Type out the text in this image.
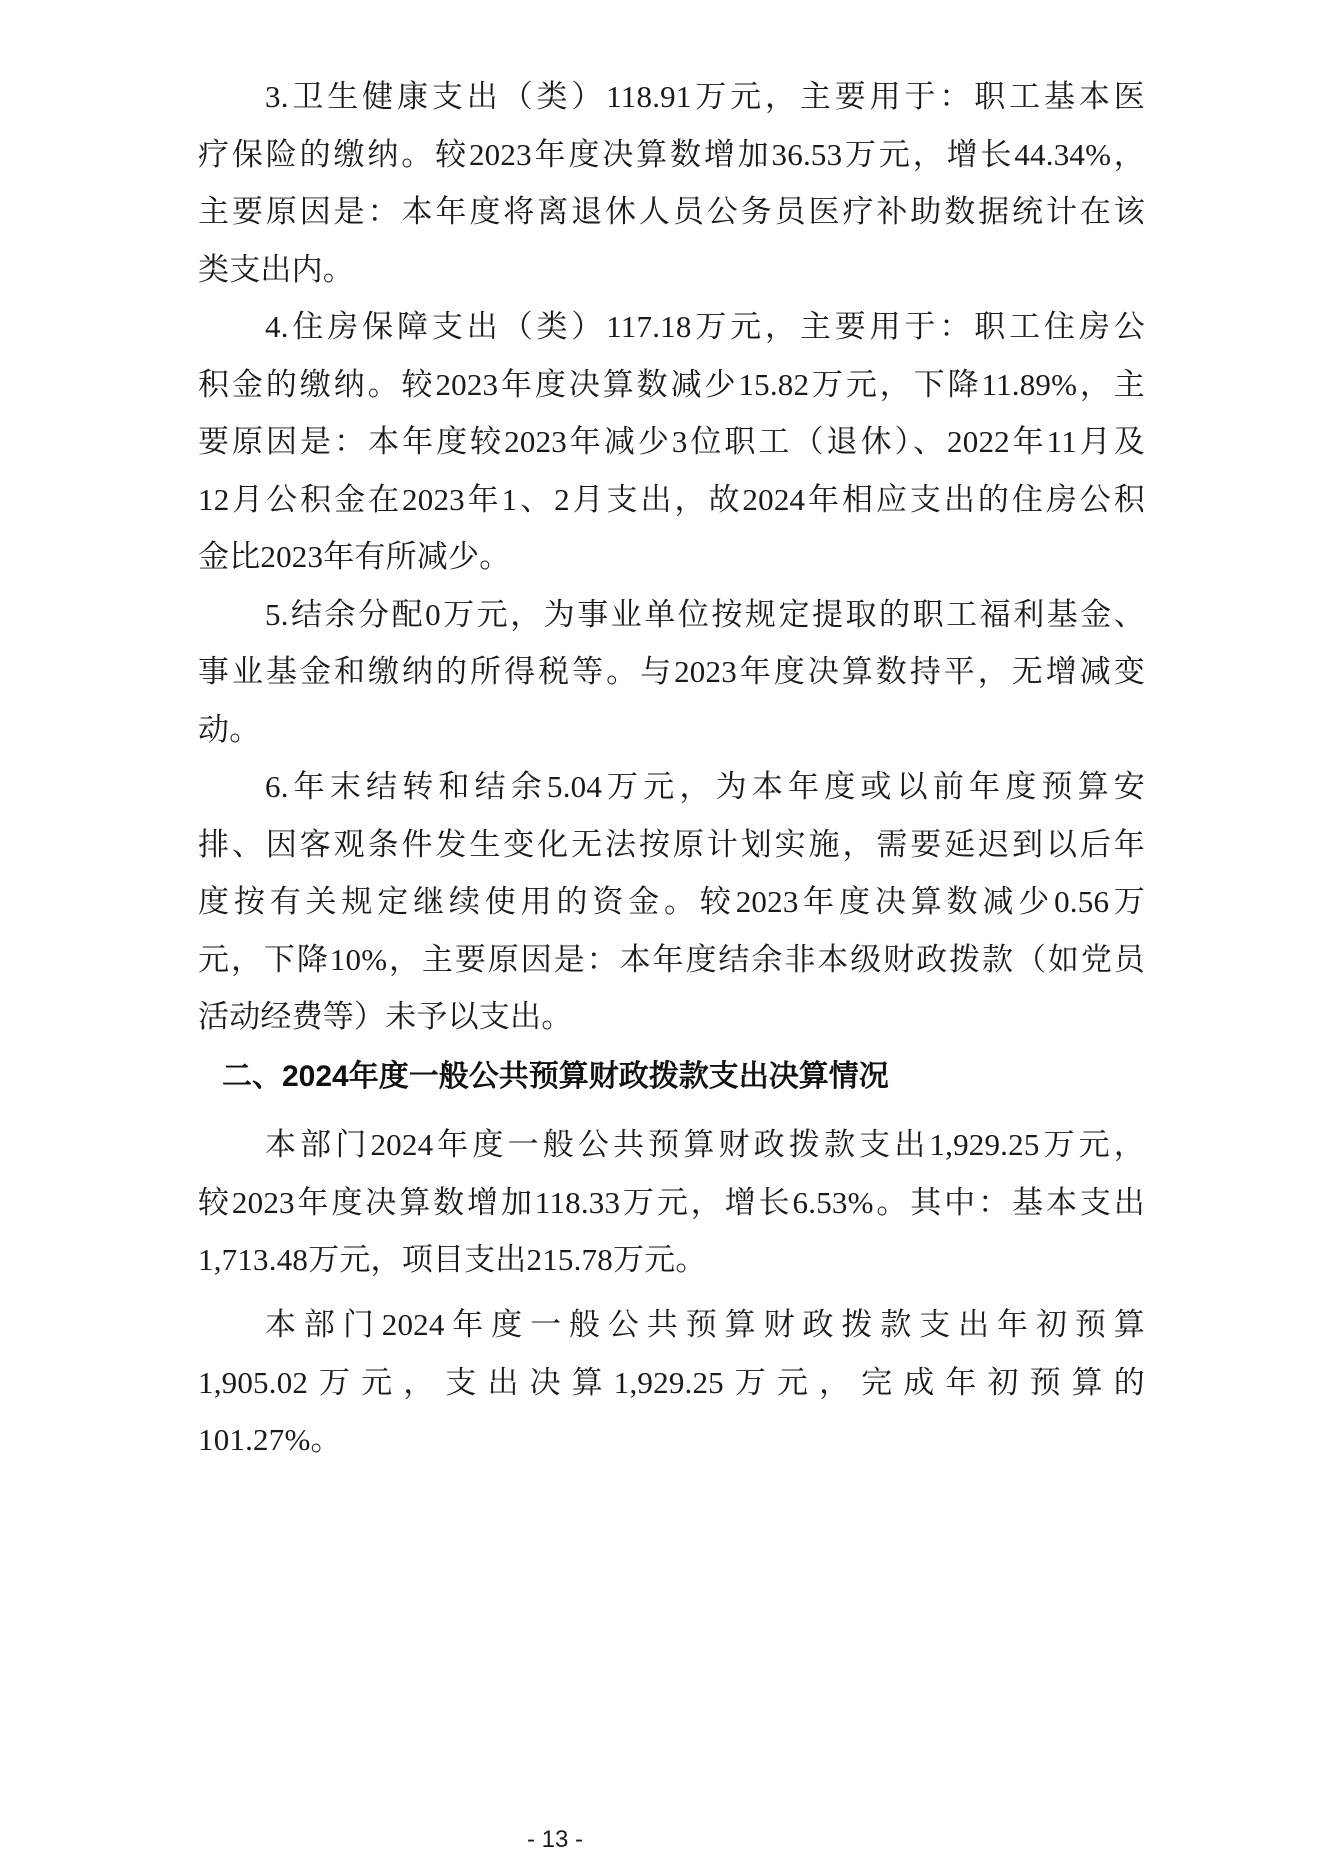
3.卫生健康支出（类）118.91万元，主要用于：职工基本医
疗保险的缴纳。较2023年度决算数增加36.53万元，增长44.34%，
主要原因是：本年度将离退休人员公务员医疗补助数据统计在该
类支出内。
4.住房保障支出（类）117.18万元，主要用于：职工住房公
积金的缴纳。较2023年度决算数减少15.82万元，下降11.89%，主
要原因是：本年度较2023年减少3位职工（退休）、2022年11月及
12月公积金在2023年1、2月支出，故2024年相应支出的住房公积
金比2023年有所减少。
5.结余分配0万元，为事业单位按规定提取的职工福利基金、
事业基金和缴纳的所得税等。与2023年度决算数持平，无增减变
动。
6.年末结转和结余5.04万元，为本年度或以前年度预算安
排、因客观条件发生变化无法按原计划实施，需要延迟到以后年
度按有关规定继续使用的资金。较2023年度决算数减少0.56万
元，下降10%，主要原因是：本年度结余非本级财政拨款（如党员
活动经费等）未予以支出。
二、2024年度一般公共预算财政拨款支出决算情况
本部门2024年度一般公共预算财政拨款支出1,929.25万元，
较2023年度决算数增加118.33万元，增长6.53%。其中：基本支出
1,713.48万元，项目支出215.78万元。
本部门2024年度一般公共预算财政拨款支出年初预算
1,905.02万元，支出决算1,929.25万元，完成年初预算的
101.27%。
- 13 -
